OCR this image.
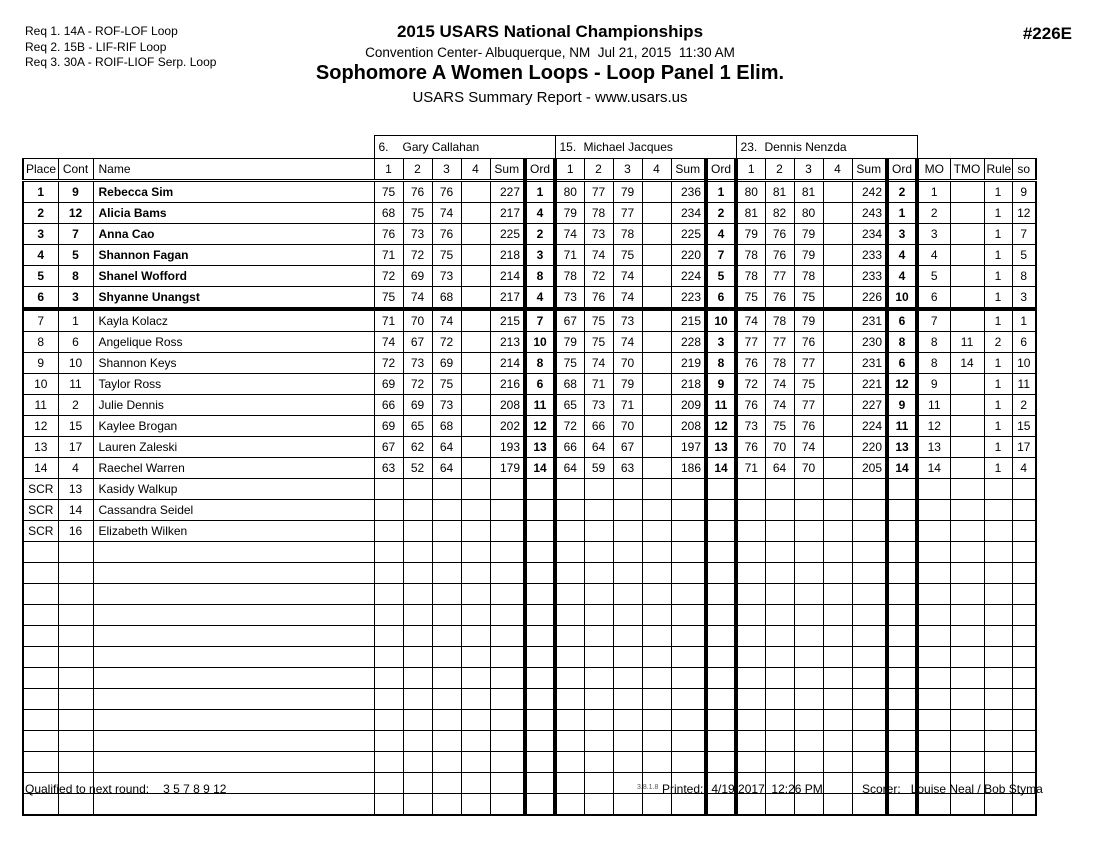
Req 1. 14A - ROF-LOF Loop
Req 2. 15B - LIF-RIF Loop
Req 3. 30A - ROIF-LIOF Serp. Loop
2015 USARS National Championships
Convention Center- Albuquerque, NM  Jul 21, 2015  11:30 AM
Sophomore A Women Loops - Loop Panel 1 Elim.
USARS Summary Report - www.usars.us
#226E
			6. Gary Callahan						15. Michael Jacques						23. Dennis Nenzda									
Place	Cont	Name	1	2	3	4	Sum	Ord	1	2	3	4	Sum	Ord	1	2	3	4	Sum	Ord	MO	TMO	Rule	so
1	9	Rebecca Sim	75	76	76		227	1	80	77	79		236	1	80	81	81		242	2	1		1	9
2	12	Alicia Bams	68	75	74		217	4	79	78	77		234	2	81	82	80		243	1	2		1	12
3	7	Anna Cao	76	73	76		225	2	74	73	78		225	4	79	76	79		234	3	3		1	7
4	5	Shannon Fagan	71	72	75		218	3	71	74	75		220	7	78	76	79		233	4	4		1	5
5	8	Shanel Wofford	72	69	73		214	8	78	72	74		224	5	78	77	78		233	4	5		1	8
6	3	Shyanne Unangst	75	74	68		217	4	73	76	74		223	6	75	76	75		226	10	6		1	3
7	1	Kayla Kolacz	71	70	74		215	7	67	75	73		215	10	74	78	79		231	6	7		1	1
8	6	Angelique Ross	74	67	72		213	10	79	75	74		228	3	77	77	76		230	8	8	11	2	6
9	10	Shannon Keys	72	73	69		214	8	75	74	70		219	8	76	78	77		231	6	8	14	1	10
10	11	Taylor Ross	69	72	75		216	6	68	71	79		218	9	72	74	75		221	12	9		1	11
11	2	Julie Dennis	66	69	73		208	11	65	73	71		209	11	76	74	77		227	9	11		1	2
12	15	Kaylee Brogan	69	65	68		202	12	72	66	70		208	12	73	75	76		224	11	12		1	15
13	17	Lauren Zaleski	67	62	64		193	13	66	64	67		197	13	76	70	74		220	13	13		1	17
14	4	Raechel Warren	63	52	64		179	14	64	59	63		186	14	71	64	70		205	14	14		1	4
SCR	13	Kasidy Walkup																						
SCR	14	Cassandra Seidel																						
SCR	16	Elizabeth Wilken																						

Qualified to next round: 3 5 7 8 9 12	3.8.1.8 Printed: 4/19/2017  12:26 PM	Scorer: Louise Neal / Bob Styma
